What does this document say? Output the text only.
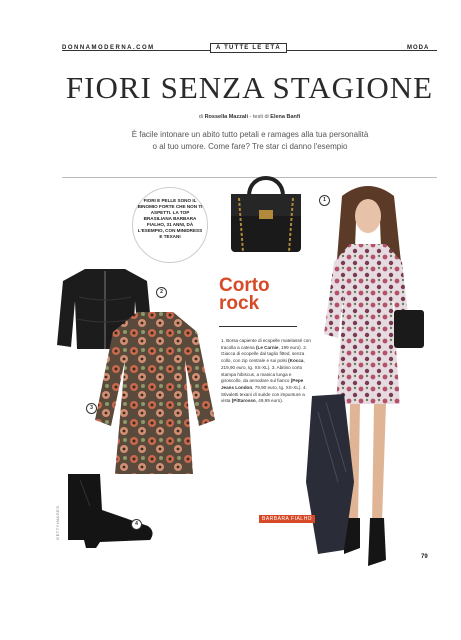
DONNAMODERNA.COM	A TUTTE LE ETÀ	MODA
FIORI SENZA STAGIONE
di Rossella Mazzali - testi di Elena Banfi
È facile intonare un abito tutto petali e ramages alla tua personalità
o al tuo umore. Come fare? Tre star ci danno l'esempio
FIORI E PELLE SONO IL BINOMIO FORTE CHE NON TI ASPETTI. LA TOP BRASILIANA BARBARA FIALHO, 31 ANNI, DÀ L'ESEMPIO, CON MINIDRESS E TEXANI
1
2
3
4
Corto
rock
1. Borsa capiente di ecopelle matelassé con tracolla a catena (Le Carnie, 199 euro). 2. Giacca di ecopelle dal taglio fitted, senza collo, con zip centrale e sui polsi (Kocca, 219,90 euro, tg. XS-XL). 3. Abitino corto stampa hibiscus, a manica lunga e giroscollo, da annodare sul fianco (Pepe Jeans London, 79,90 euro, tg. XS-XL). 4. Stivaletti texani di suède con impunture a vista (Pittarosso, 49,99 euro).
BARBARA FIALHO
79
GETTYIMAGES
